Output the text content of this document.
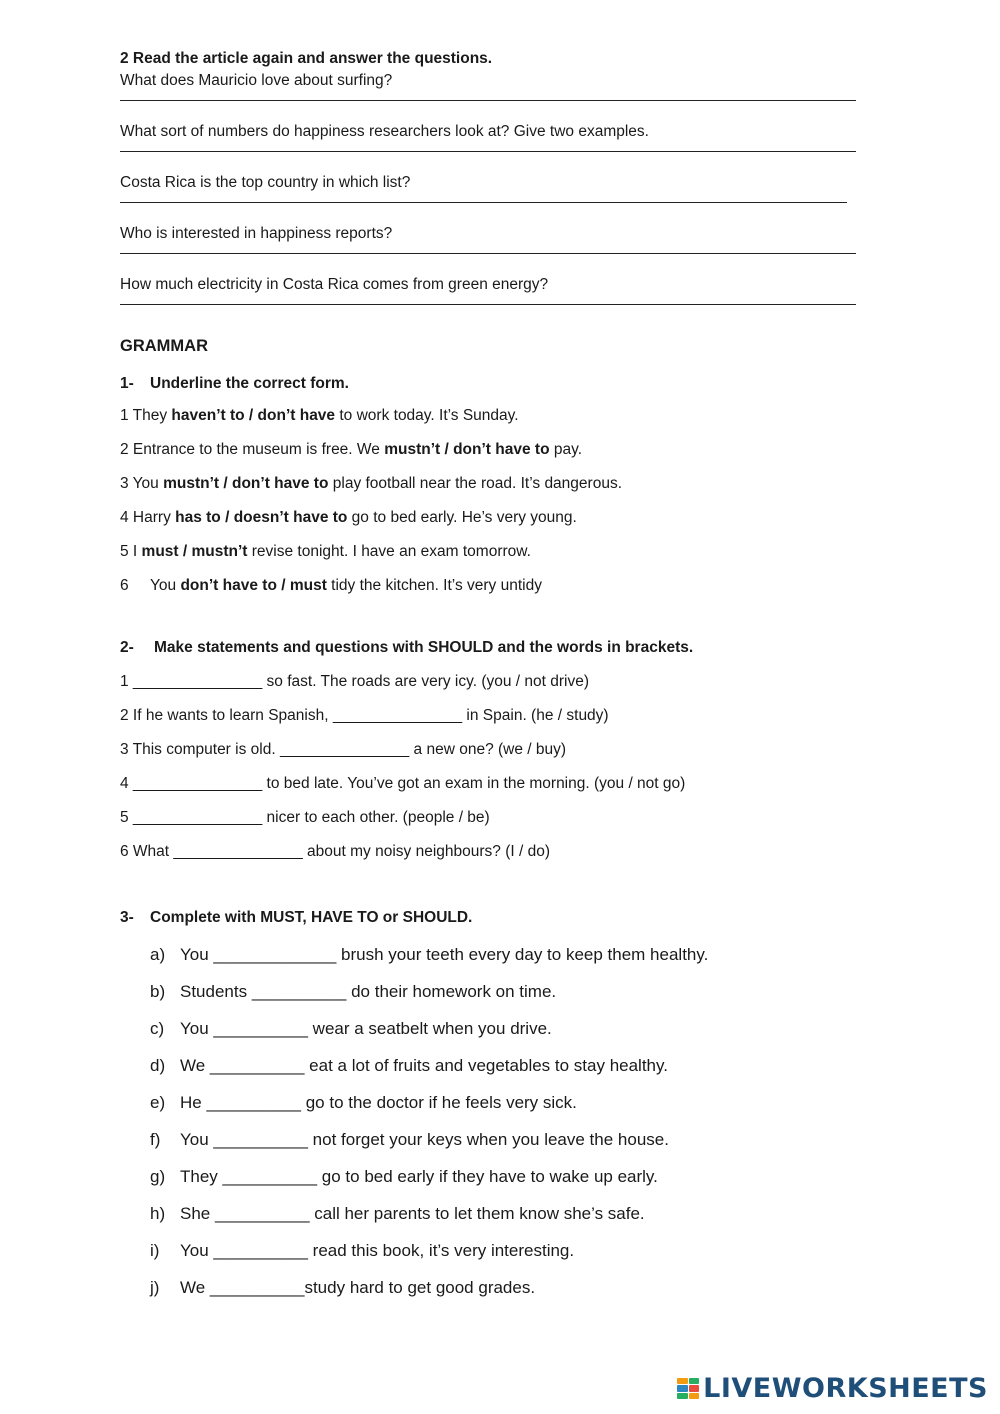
2 Read the article again and answer the questions.
What does Mauricio love about surfing?
What sort of numbers do happiness researchers look at? Give two examples.
Costa Rica is the top country in which list?
Who is interested in happiness reports?
How much electricity in Costa Rica comes from green energy?
GRAMMAR
1- Underline the correct form.
1 They haven’t to / don’t have to work today. It’s Sunday.
2 Entrance to the museum is free. We mustn’t / don’t have to pay.
3 You mustn’t / don’t have to play football near the road. It’s dangerous.
4 Harry has to / doesn’t have to go to bed early. He’s very young.
5 I must / mustn’t revise tonight. I have an exam tomorrow.
6 You don’t have to / must tidy the kitchen. It’s very untidy
2- Make statements and questions with SHOULD and the words in brackets.
1 _______________ so fast. The roads are very icy. (you / not drive)
2 If he wants to learn Spanish, _______________ in Spain. (he / study)
3 This computer is old. _______________ a new one? (we / buy)
4 _______________ to bed late. You’ve got an exam in the morning. (you / not go)
5 _______________ nicer to each other. (people / be)
6 What _______________ about my noisy neighbours? (I / do)
3- Complete with MUST, HAVE TO or SHOULD.
a) You _____________ brush your teeth every day to keep them healthy.
b) Students __________ do their homework on time.
c) You __________ wear a seatbelt when you drive.
d) We __________ eat a lot of fruits and vegetables to stay healthy.
e) He __________ go to the doctor if he feels very sick.
f) You __________ not forget your keys when you leave the house.
g) They __________ go to bed early if they have to wake up early.
h) She __________ call her parents to let them know she’s safe.
i) You __________ read this book, it’s very interesting.
j) We __________study hard to get good grades.
LIVEWORKSHEETS
